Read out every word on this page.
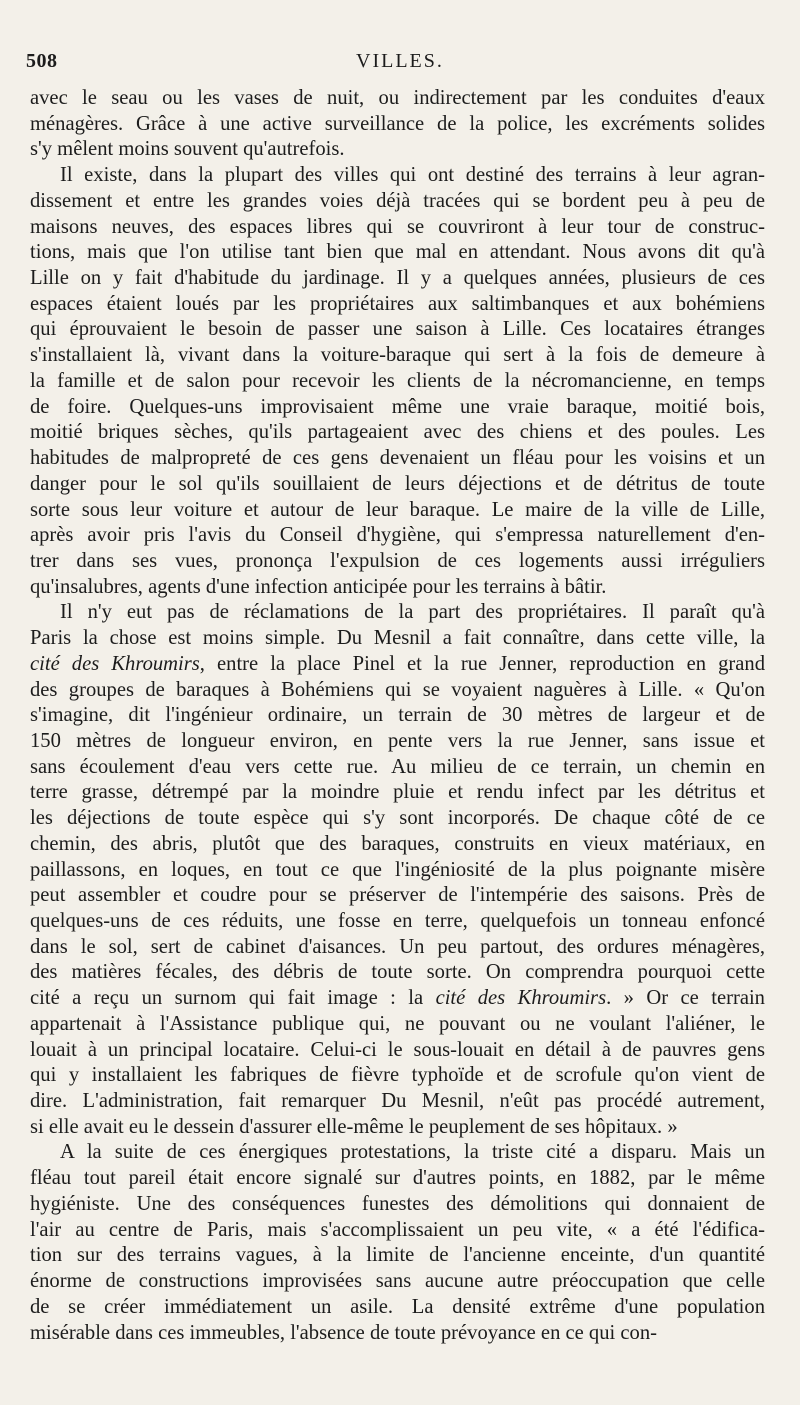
508	VILLES.
avec le seau ou les vases de nuit, ou indirectement par les conduites d'eaux
ménagères. Grâce à une active surveillance de la police, les excréments solides
s'y mêlent moins souvent qu'autrefois.
Il existe, dans la plupart des villes qui ont destiné des terrains à leur agran-
dissement et entre les grandes voies déjà tracées qui se bordent peu à peu de
maisons neuves, des espaces libres qui se couvriront à leur tour de construc-
tions, mais que l'on utilise tant bien que mal en attendant. Nous avons dit qu'à
Lille on y fait d'habitude du jardinage. Il y a quelques années, plusieurs de ces
espaces étaient loués par les propriétaires aux saltimbanques et aux bohémiens
qui éprouvaient le besoin de passer une saison à Lille. Ces locataires étranges
s'installaient là, vivant dans la voiture-baraque qui sert à la fois de demeure à
la famille et de salon pour recevoir les clients de la nécromancienne, en temps
de foire. Quelques-uns improvisaient même une vraie baraque, moitié bois,
moitié briques sèches, qu'ils partageaient avec des chiens et des poules. Les
habitudes de malpropreté de ces gens devenaient un fléau pour les voisins et un
danger pour le sol qu'ils souillaient de leurs déjections et de détritus de toute
sorte sous leur voiture et autour de leur baraque. Le maire de la ville de Lille,
après avoir pris l'avis du Conseil d'hygiène, qui s'empressa naturellement d'en-
trer dans ses vues, prononça l'expulsion de ces logements aussi irréguliers
qu'insalubres, agents d'une infection anticipée pour les terrains à bâtir.
Il n'y eut pas de réclamations de la part des propriétaires. Il paraît qu'à
Paris la chose est moins simple. Du Mesnil a fait connaître, dans cette ville, la
cité des Khroumirs, entre la place Pinel et la rue Jenner, reproduction en grand
des groupes de baraques à Bohémiens qui se voyaient naguères à Lille. « Qu'on
s'imagine, dit l'ingénieur ordinaire, un terrain de 30 mètres de largeur et de
150 mètres de longueur environ, en pente vers la rue Jenner, sans issue et
sans écoulement d'eau vers cette rue. Au milieu de ce terrain, un chemin en
terre grasse, détrempé par la moindre pluie et rendu infect par les détritus et
les déjections de toute espèce qui s'y sont incorporés. De chaque côté de ce
chemin, des abris, plutôt que des baraques, construits en vieux matériaux, en
paillassons, en loques, en tout ce que l'ingéniosité de la plus poignante misère
peut assembler et coudre pour se préserver de l'intempérie des saisons. Près de
quelques-uns de ces réduits, une fosse en terre, quelquefois un tonneau enfoncé
dans le sol, sert de cabinet d'aisances. Un peu partout, des ordures ménagères,
des matières fécales, des débris de toute sorte. On comprendra pourquoi cette
cité a reçu un surnom qui fait image : la cité des Khroumirs. » Or ce terrain
appartenait à l'Assistance publique qui, ne pouvant ou ne voulant l'aliéner, le
louait à un principal locataire. Celui-ci le sous-louait en détail à de pauvres gens
qui y installaient les fabriques de fièvre typhoïde et de scrofule qu'on vient de
dire. L'administration, fait remarquer Du Mesnil, n'eût pas procédé autrement,
si elle avait eu le dessein d'assurer elle-même le peuplement de ses hôpitaux. »
A la suite de ces énergiques protestations, la triste cité a disparu. Mais un
fléau tout pareil était encore signalé sur d'autres points, en 1882, par le même
hygiéniste. Une des conséquences funestes des démolitions qui donnaient de
l'air au centre de Paris, mais s'accomplissaient un peu vite, « a été l'édifica-
tion sur des terrains vagues, à la limite de l'ancienne enceinte, d'un quantité
énorme de constructions improvisées sans aucune autre préoccupation que celle
de se créer immédiatement un asile. La densité extrême d'une population
misérable dans ces immeubles, l'absence de toute prévoyance en ce qui con-
